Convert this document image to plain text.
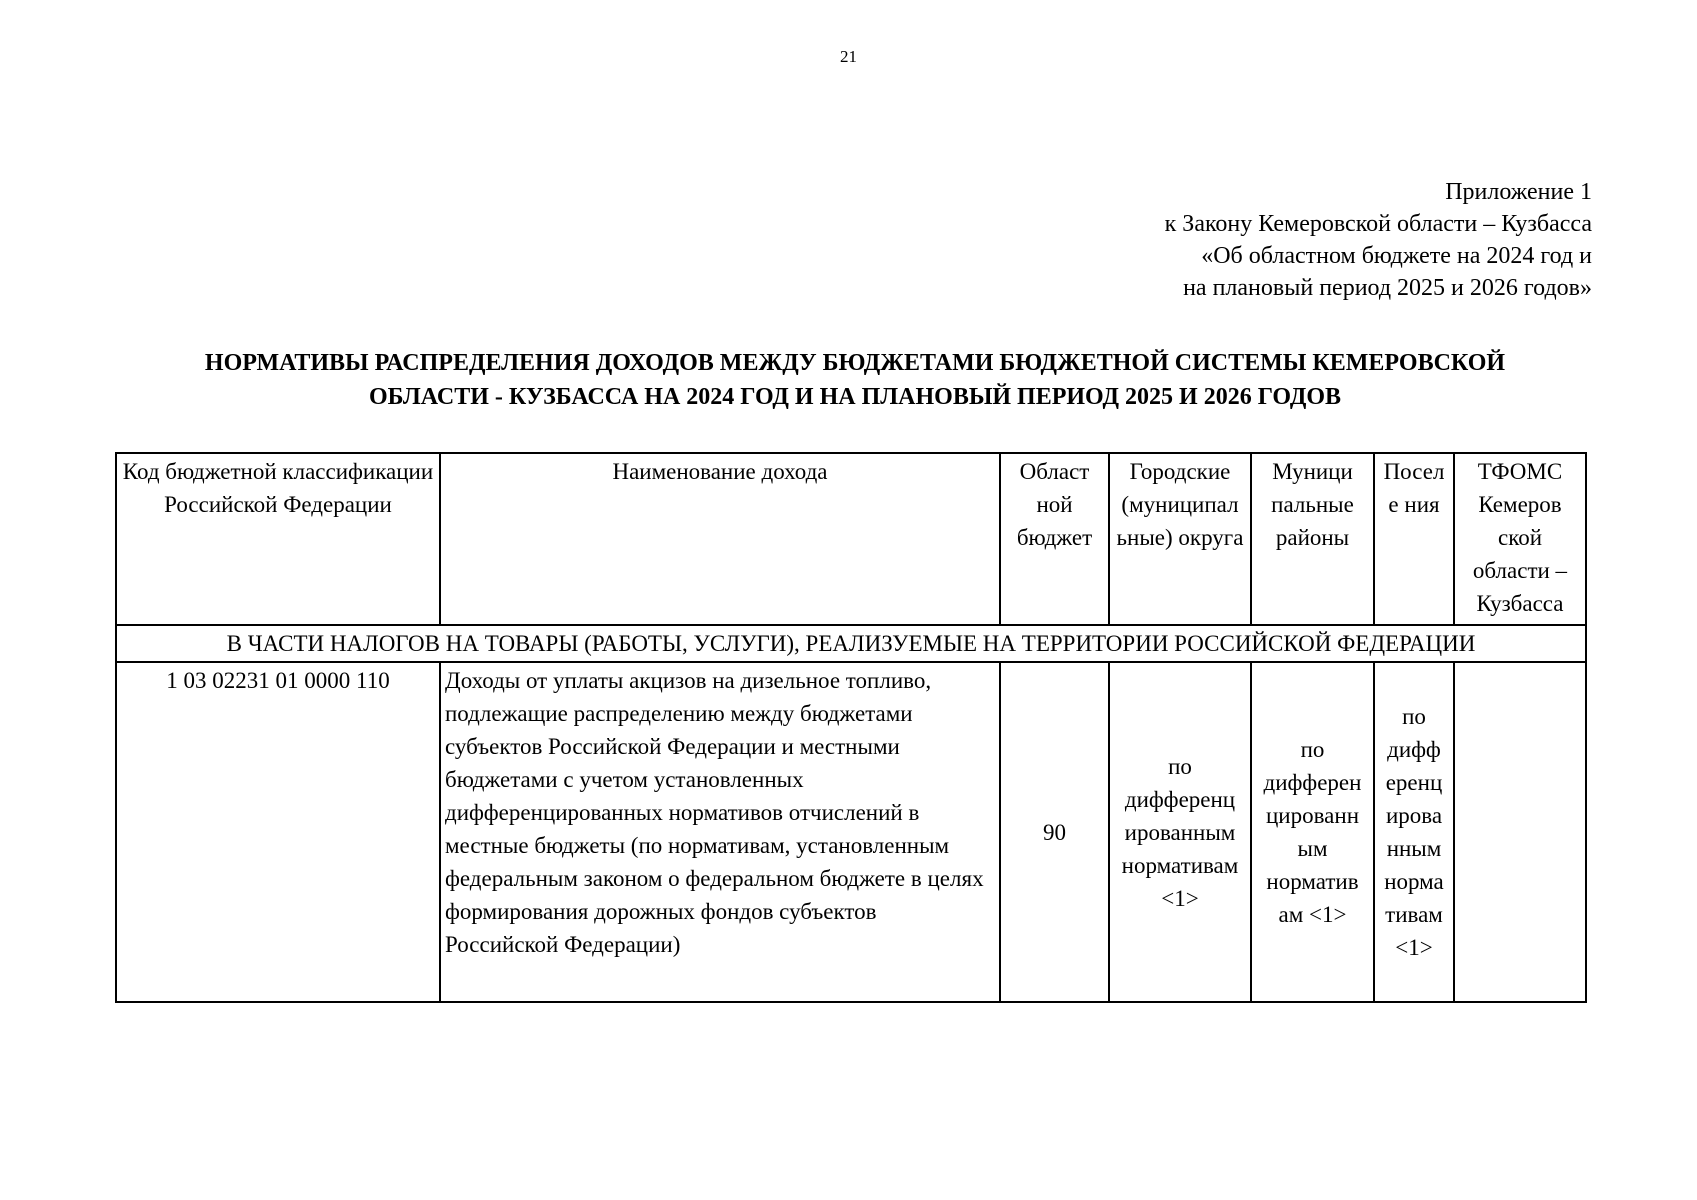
21
Приложение 1
к Закону Кемеровской области – Кузбасса
«Об областном бюджете на 2024 год и
на плановый период 2025 и 2026 годов»
НОРМАТИВЫ РАСПРЕДЕЛЕНИЯ ДОХОДОВ МЕЖДУ БЮДЖЕТАМИ БЮДЖЕТНОЙ СИСТЕМЫ КЕМЕРОВСКОЙ
ОБЛАСТИ - КУЗБАССА НА 2024 ГОД И НА ПЛАНОВЫЙ ПЕРИОД 2025 И 2026 ГОДОВ
Код бюджетной классификации Российской Федерации	Наименование дохода	Област ной бюджет	Городские (муниципал ьные) округа	Муници пальные районы	Посел е ния	ТФОМС Кемеров ской области – Кузбасса
В ЧАСТИ НАЛОГОВ НА ТОВАРЫ (РАБОТЫ, УСЛУГИ), РЕАЛИЗУЕМЫЕ НА ТЕРРИТОРИИ РОССИЙСКОЙ ФЕДЕРАЦИИ						
1 03 02231 01 0000 110	Доходы от уплаты акцизов на дизельное топливо, подлежащие распределению между бюджетами субъектов Российской Федерации и местными бюджетами с учетом установленных дифференцированных нормативов отчислений в местные бюджеты (по нормативам, установленным федеральным законом о федеральном бюджете в целях формирования дорожных фондов субъектов Российской Федерации)	90	по дифференц ированным нормативам <1>	по дифферен цированн ым норматив ам <1>	по дифф еренц ирова нным норма тивам <1>	
